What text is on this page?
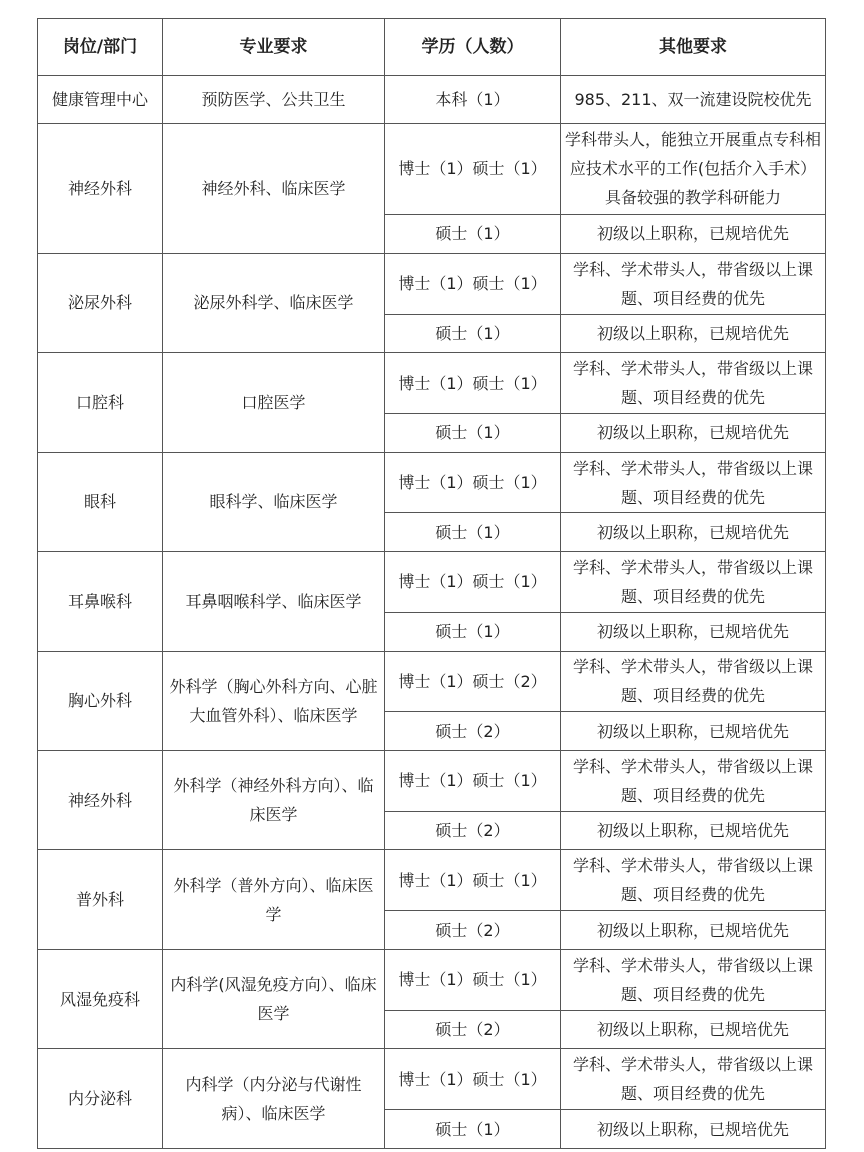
岗位/部门	专业要求	学历（人数）	其他要求
健康管理中心	预防医学、公共卫生	本科（1）	985、211、双一流建设院校优先
神经外科	神经外科、临床医学	博士（1）硕士（1）	学科带头人，能独立开展重点专科相应技术水平的工作(包括介入手术）具备较强的教学科研能力
		硕士（1）	初级以上职称，已规培优先
泌尿外科	泌尿外科学、临床医学	博士（1）硕士（1）	学科、学术带头人，带省级以上课题、项目经费的优先
		硕士（1）	初级以上职称，已规培优先
口腔科	口腔医学	博士（1）硕士（1）	学科、学术带头人，带省级以上课题、项目经费的优先
		硕士（1）	初级以上职称，已规培优先
眼科	眼科学、临床医学	博士（1）硕士（1）	学科、学术带头人，带省级以上课题、项目经费的优先
		硕士（1）	初级以上职称，已规培优先
耳鼻喉科	耳鼻咽喉科学、临床医学	博士（1）硕士（1）	学科、学术带头人，带省级以上课题、项目经费的优先
		硕士（1）	初级以上职称，已规培优先
胸心外科	外科学（胸心外科方向、心脏大血管外科）、临床医学	博士（1）硕士（2）	学科、学术带头人，带省级以上课题、项目经费的优先
		硕士（2）	初级以上职称，已规培优先
神经外科	外科学（神经外科方向）、临床医学	博士（1）硕士（1）	学科、学术带头人，带省级以上课题、项目经费的优先
		硕士（2）	初级以上职称，已规培优先
普外科	外科学（普外方向）、临床医学	博士（1）硕士（1）	学科、学术带头人，带省级以上课题、项目经费的优先
		硕士（2）	初级以上职称，已规培优先
风湿免疫科	内科学(风湿免疫方向）、临床医学	博士（1）硕士（1）	学科、学术带头人，带省级以上课题、项目经费的优先
		硕士（2）	初级以上职称，已规培优先
内分泌科	内科学（内分泌与代谢性病）、临床医学	博士（1）硕士（1）	学科、学术带头人，带省级以上课题、项目经费的优先
		硕士（1）	初级以上职称，已规培优先
